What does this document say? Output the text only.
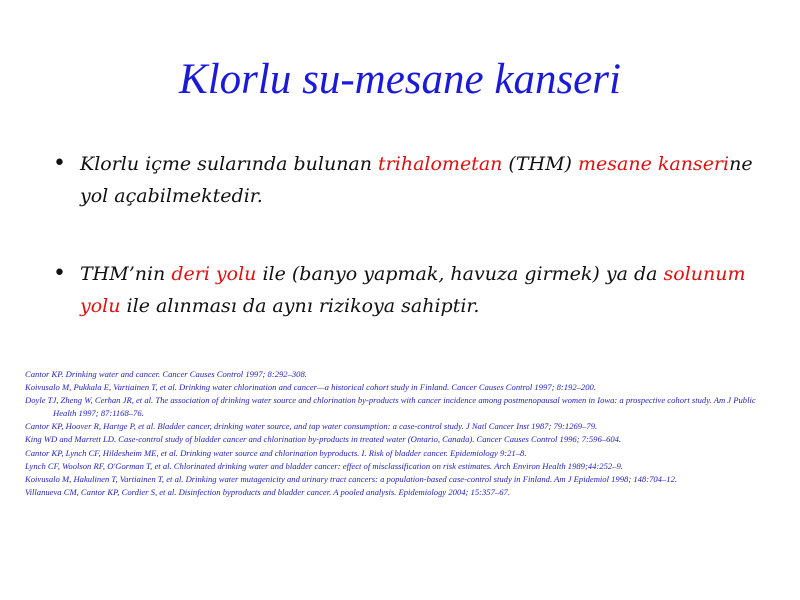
Klorlu su-mesane kanseri
• Klorlu içme sularında bulunan trihalometan (THM) mesane kanserine yol açabilmektedir.
• THM’nin deri yolu ile (banyo yapmak, havuza girmek) ya da solunum yolu ile alınması da aynı rizikoya sahiptir.
Cantor KP. Drinking water and cancer. Cancer Causes Control 1997; 8:292–308.
Koivusalo M, Pukkala E, Vartiainen T, et al. Drinking water chlorination and cancer—a historical cohort study in Finland. Cancer Causes Control 1997; 8:192–200.
Doyle TJ, Zheng W, Cerhan JR, et al. The association of drinking water source and chlorination by-products with cancer incidence among postmenopausal women in Iowa: a prospective cohort study. Am J Public Health 1997; 87:1168–76.
Cantor KP, Hoover R, Hartge P, et al. Bladder cancer, drinking water source, and tap water consumption: a case-control study. J Natl Cancer Inst 1987; 79:1269–79.
King WD and Marrett LD. Case-control study of bladder cancer and chlorination by-products in treated water (Ontario, Canada). Cancer Causes Control 1996; 7:596–604.
Cantor KP, Lynch CF, Hildesheim ME, et al. Drinking water source and chlorination byproducts. I. Risk of bladder cancer. Epidemiology 9:21–8.
Lynch CF, Woolson RF, O'Gorman T, et al. Chlorinated drinking water and bladder cancer: effect of misclassification on risk estimates. Arch Environ Health 1989;44:252–9.
Koivusalo M, Hakulinen T, Vartiainen T, et al. Drinking water mutagenicity and urinary tract cancers: a population-based case-control study in Finland. Am J Epidemiol 1998; 148:704–12.
Villanueva CM, Cantor KP, Cordier S, et al. Disinfection byproducts and bladder cancer. A pooled analysis. Epidemiology 2004; 15:357–67.
